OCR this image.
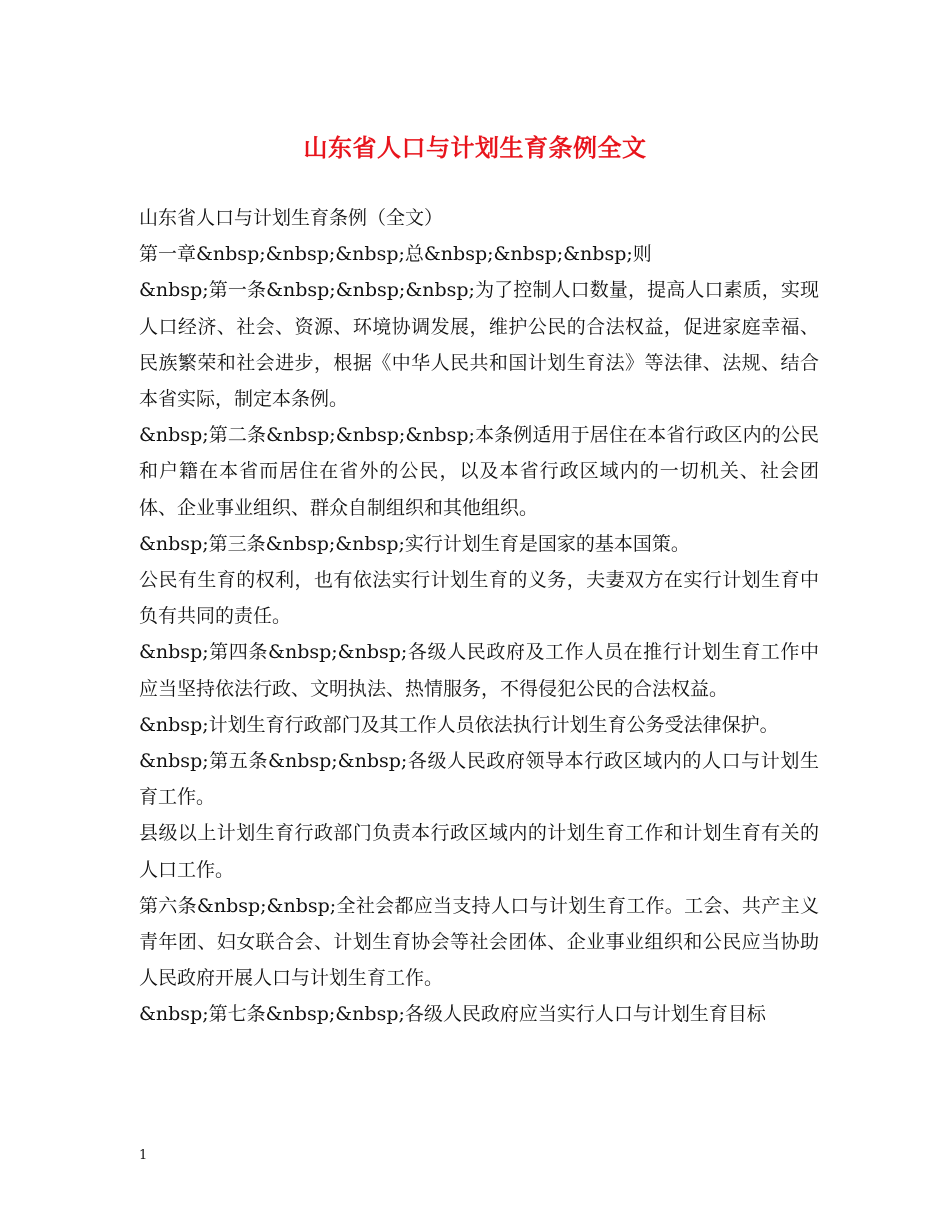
山东省人口与计划生育条例全文

山东省人口与计划生育条例（全文）

第一章&nbsp;&nbsp;&nbsp;总&nbsp;&nbsp;&nbsp;则

&nbsp;第一条&nbsp;&nbsp;&nbsp;为了控制人口数量，提高人口素质，实现人口经济、社会、资源、环境协调发展，维护公民的合法权益，促进家庭幸福、民族繁荣和社会进步，根据《中华人民共和国计划生育法》等法律、法规、结合本省实际，制定本条例。

&nbsp;第二条&nbsp;&nbsp;&nbsp;本条例适用于居住在本省行政区内的公民和户籍在本省而居住在省外的公民，以及本省行政区域内的一切机关、社会团体、企业事业组织、群众自制组织和其他组织。

&nbsp;第三条&nbsp;&nbsp;实行计划生育是国家的基本国策。

公民有生育的权利，也有依法实行计划生育的义务，夫妻双方在实行计划生育中负有共同的责任。

&nbsp;第四条&nbsp;&nbsp;各级人民政府及工作人员在推行计划生育工作中应当坚持依法行政、文明执法、热情服务，不得侵犯公民的合法权益。

&nbsp;计划生育行政部门及其工作人员依法执行计划生育公务受法律保护。

&nbsp;第五条&nbsp;&nbsp;各级人民政府领导本行政区域内的人口与计划生育工作。

县级以上计划生育行政部门负责本行政区域内的计划生育工作和计划生育有关的人口工作。

第六条&nbsp;&nbsp;全社会都应当支持人口与计划生育工作。工会、共产主义青年团、妇女联合会、计划生育协会等社会团体、企业事业组织和公民应当协助人民政府开展人口与计划生育工作。

&nbsp;第七条&nbsp;&nbsp;各级人民政府应当实行人口与计划生育目标

1
